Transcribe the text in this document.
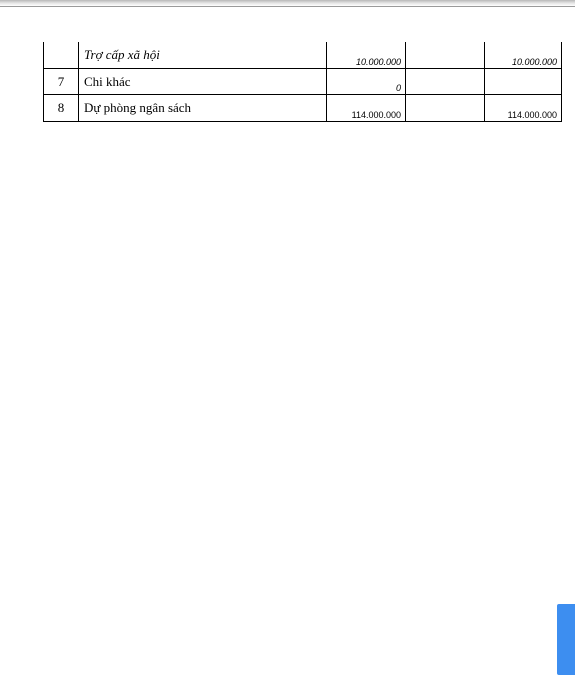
	Trợ cấp xã hội	10.000.000		10.000.000
7	Chi khác	0		
8	Dự phòng ngân sách	114.000.000		114.000.000
